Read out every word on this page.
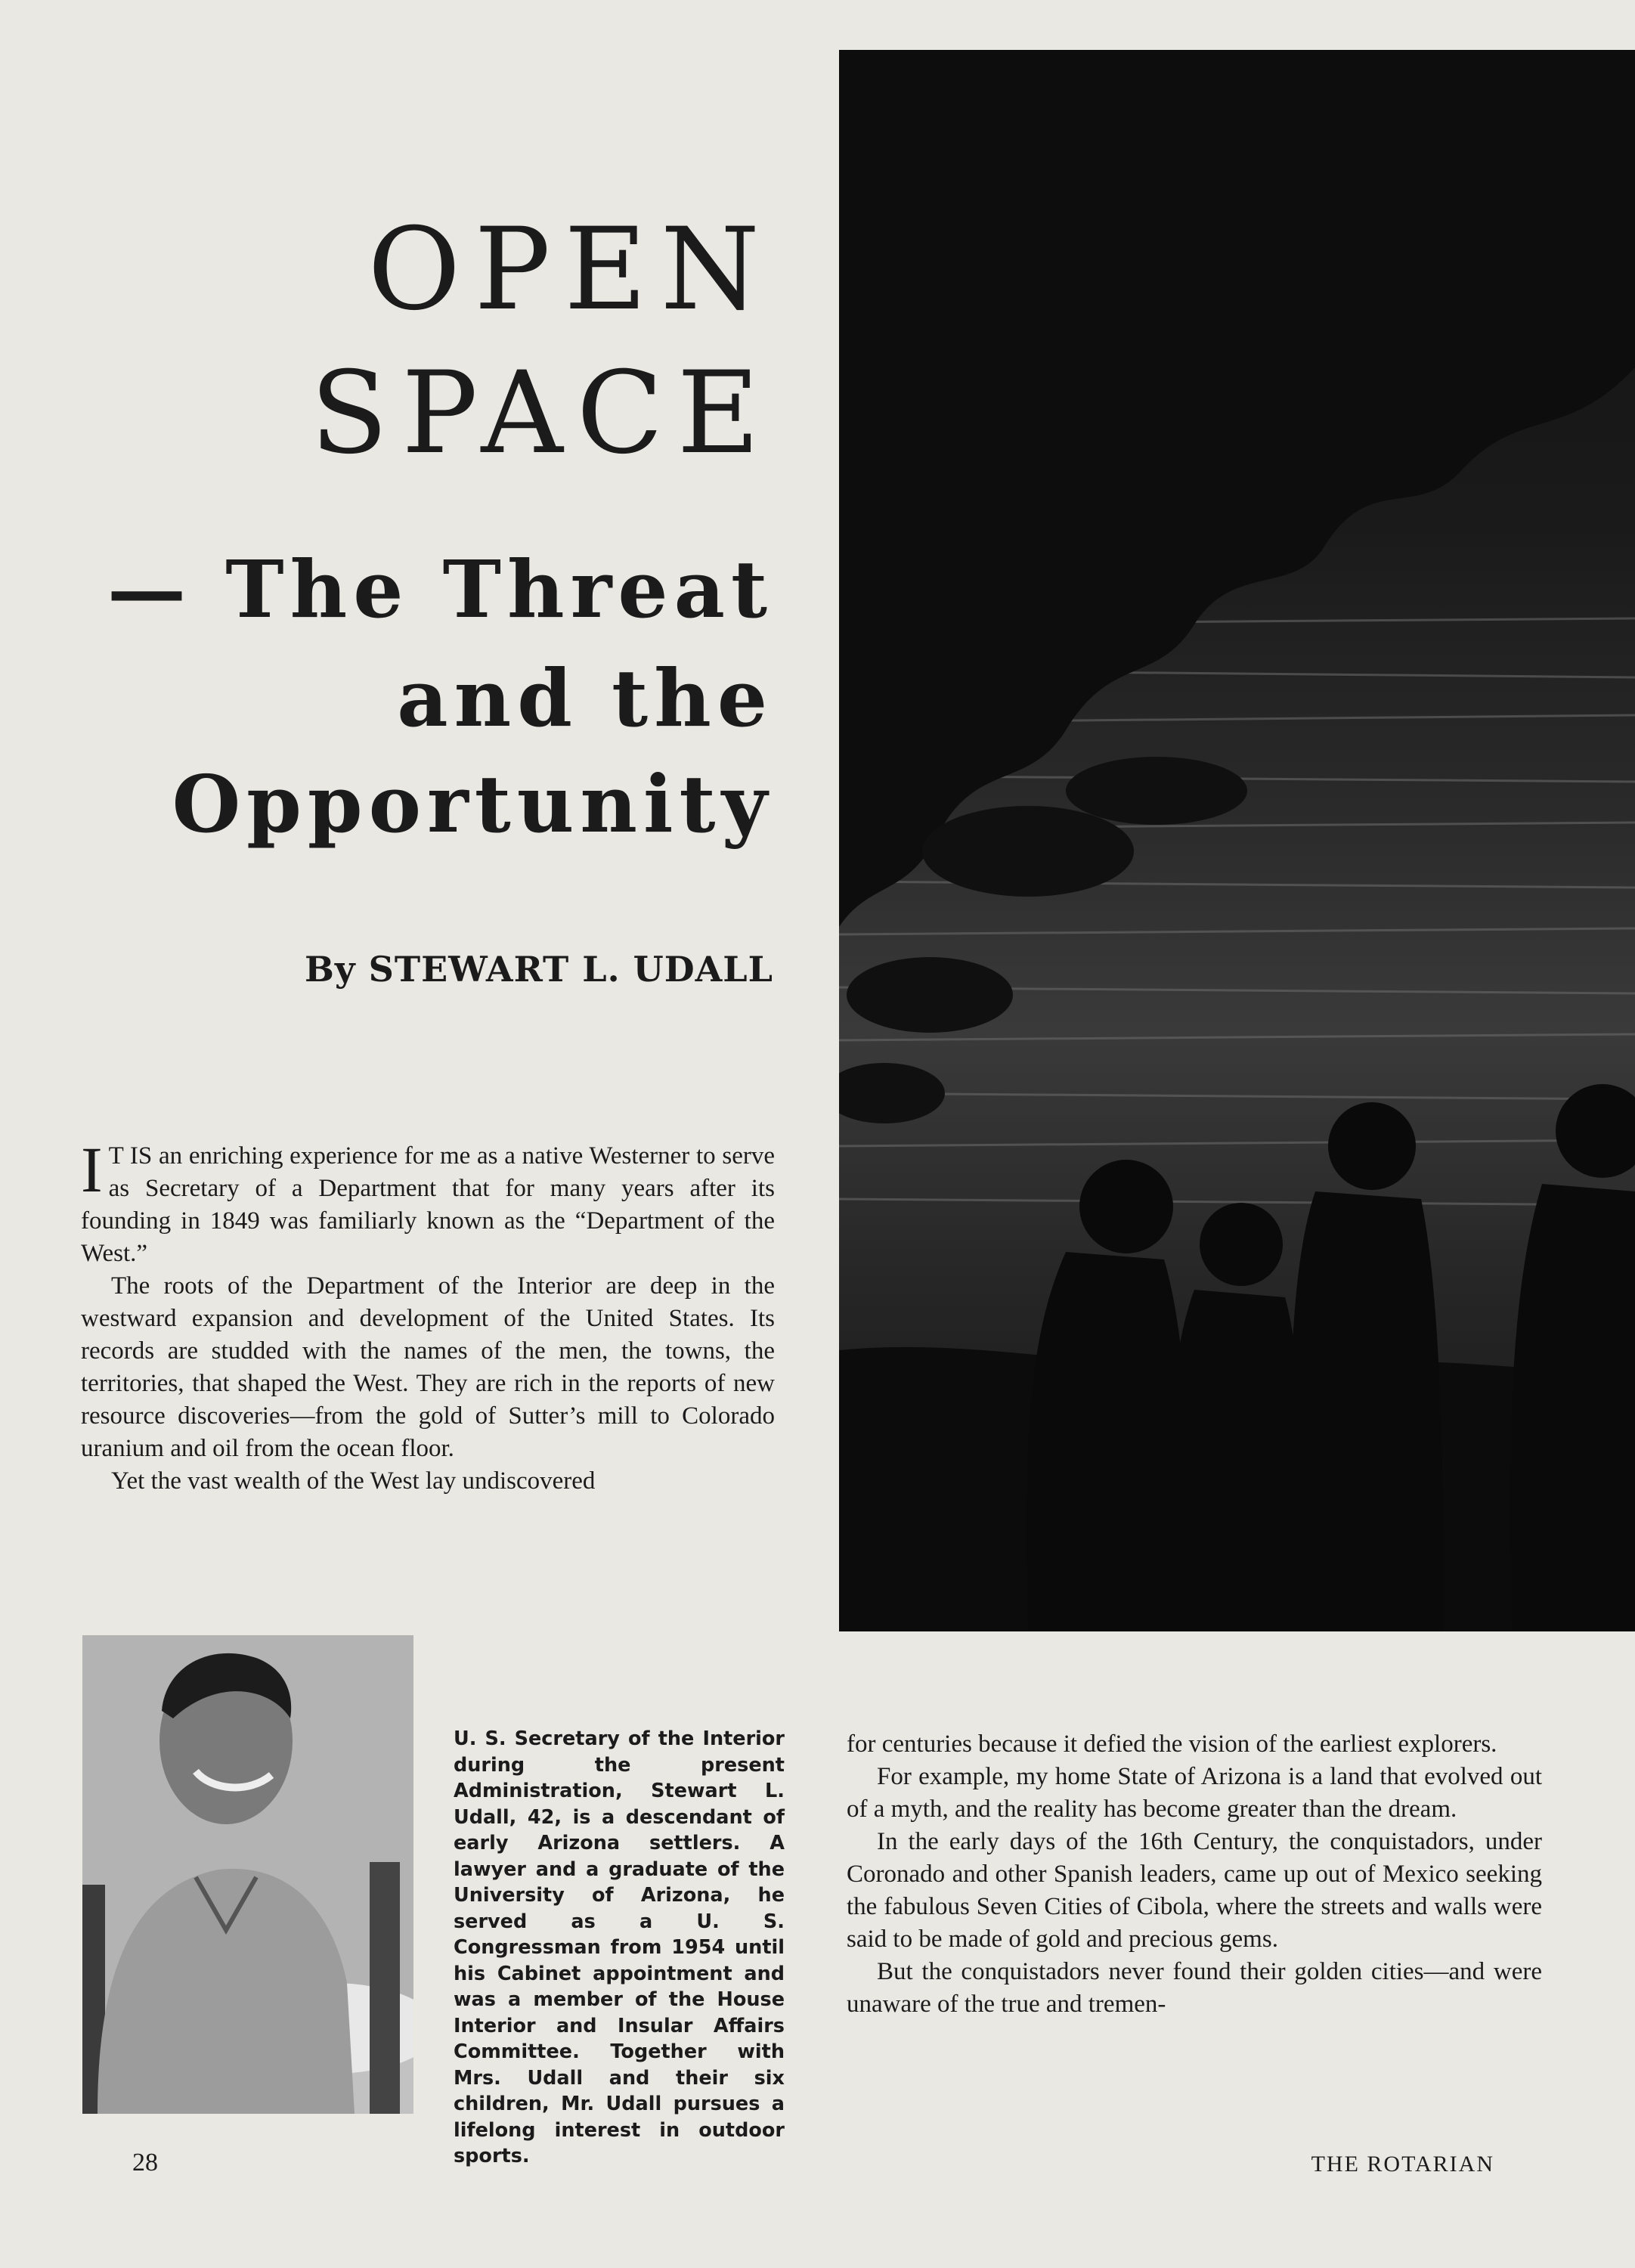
OPEN
SPACE
— The Threat
and the
Opportunity

By STEWART L. UDALL

I T IS an enriching experience for me as a native Westerner to serve as Secretary of a Department that for many years after its founding in 1849 was familiarly known as the “Department of the West.”

The roots of the Department of the Interior are deep in the westward expansion and development of the United States. Its records are studded with the names of the men, the towns, the territories, that shaped the West. They are rich in the reports of new resource discoveries—from the gold of Sutter’s mill to Colorado uranium and oil from the ocean floor.

Yet the vast wealth of the West lay undiscovered

U. S. Secretary of the Interior during the present Administration, Stewart L. Udall, 42, is a descendant of early Arizona settlers. A lawyer and a graduate of the University of Arizona, he served as a U. S. Congressman from 1954 until his Cabinet appointment and was a member of the House Interior and Insular Affairs Committee. Together with Mrs. Udall and their six children, Mr. Udall pursues a lifelong interest in outdoor sports.

for centuries because it defied the vision of the earliest explorers.

For example, my home State of Arizona is a land that evolved out of a myth, and the reality has become greater than the dream.

In the early days of the 16th Century, the conquistadors, under Coronado and other Spanish leaders, came up out of Mexico seeking the fabulous Seven Cities of Cibola, where the streets and walls were said to be made of gold and precious gems.

But the conquistadors never found their golden cities—and were unaware of the true and tremen-

28	THE ROTARIAN
